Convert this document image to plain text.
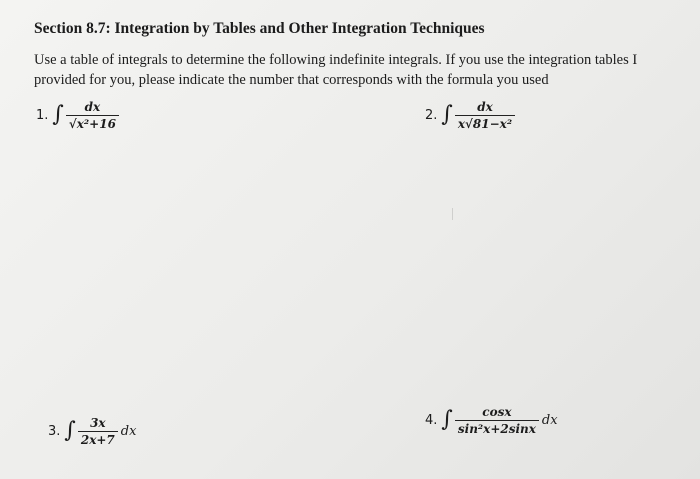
Section 8.7: Integration by Tables and Other Integration Techniques
Use a table of integrals to determine the following indefinite integrals. If you use the integration tables I provided for you, please indicate the number that corresponds with the formula you used
1. ∫ $\frac{dx}{\text{√x²+16}}$	2. ∫ $\frac{dx}{\text{x√81−x²}}$
3. ∫ $\frac{3x}{2x+7}$ dx
4. ∫ $\frac{\cos x}{\text{sin²x+2sinx}}$ dx
